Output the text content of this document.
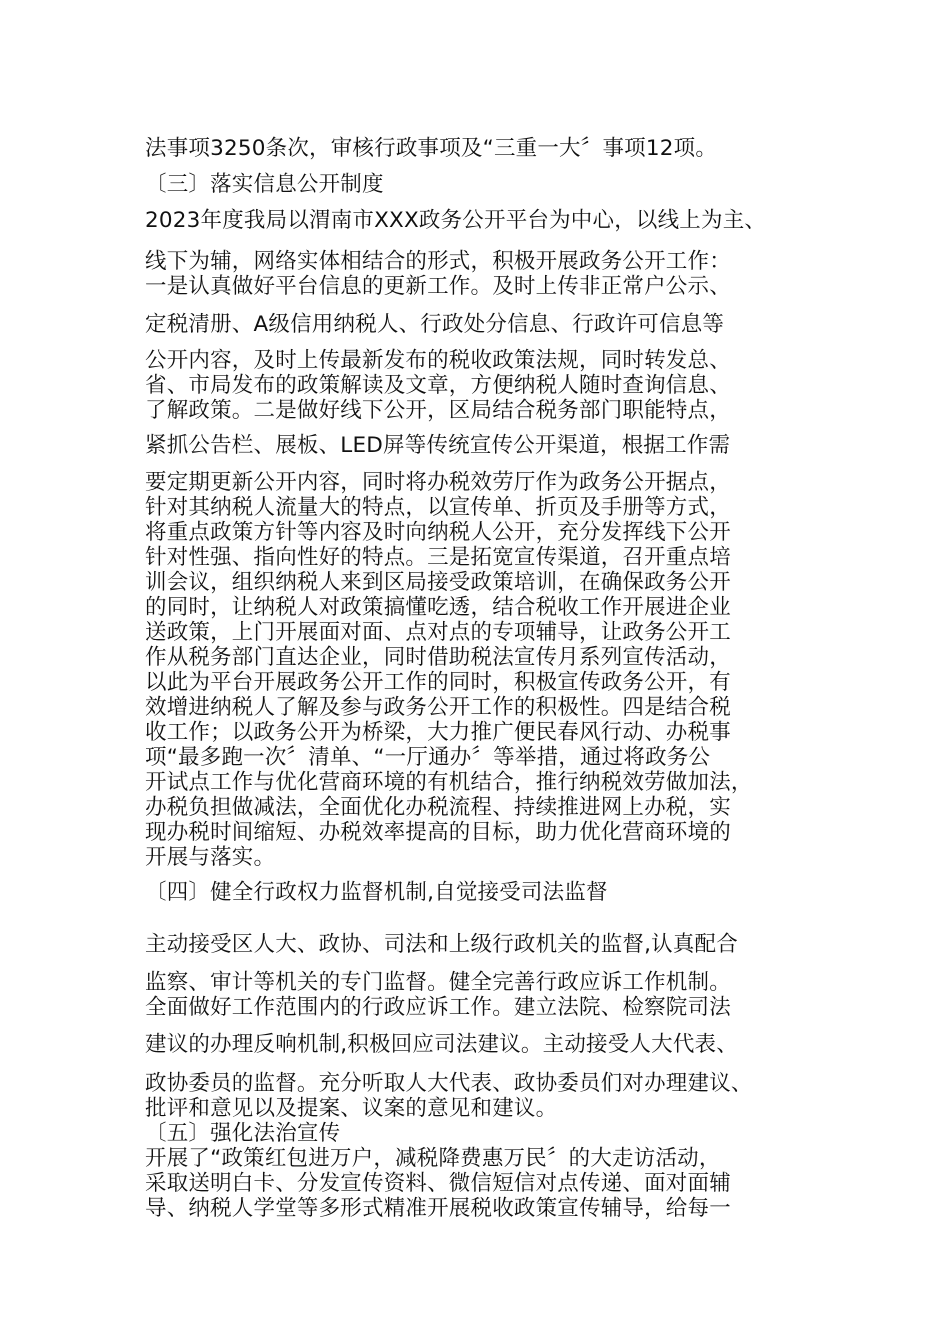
法事项3250条次，审核行政事项及“三重一大〞事项12项。
〔三〕落实信息公开制度
2023年度我局以渭南市XXX政务公开平台为中心，以线上为主、
线下为辅，网络实体相结合的形式，积极开展政务公开工作：
一是认真做好平台信息的更新工作。及时上传非正常户公示、
定税清册、A级信用纳税人、行政处分信息、行政许可信息等
公开内容，及时上传最新发布的税收政策法规，同时转发总、
省、市局发布的政策解读及文章，方便纳税人随时查询信息、
了解政策。二是做好线下公开，区局结合税务部门职能特点，
紧抓公告栏、展板、LED屏等传统宣传公开渠道，根据工作需
要定期更新公开内容，同时将办税效劳厅作为政务公开据点，
针对其纳税人流量大的特点，以宣传单、折页及手册等方式，
将重点政策方针等内容及时向纳税人公开，充分发挥线下公开
针对性强、指向性好的特点。三是拓宽宣传渠道，召开重点培
训会议，组织纳税人来到区局接受政策培训，在确保政务公开
的同时，让纳税人对政策搞懂吃透，结合税收工作开展进企业
送政策，上门开展面对面、点对点的专项辅导，让政务公开工
作从税务部门直达企业，同时借助税法宣传月系列宣传活动，
以此为平台开展政务公开工作的同时，积极宣传政务公开，有
效增进纳税人了解及参与政务公开工作的积极性。四是结合税
收工作；以政务公开为桥梁，大力推广便民春风行动、办税事
项“最多跑一次〞清单、“一厅通办〞等举措，通过将政务公
开试点工作与优化营商环境的有机结合，推行纳税效劳做加法，
办税负担做减法，全面优化办税流程、持续推进网上办税，实
现办税时间缩短、办税效率提高的目标，助力优化营商环境的
开展与落实。
〔四〕健全行政权力监督机制,自觉接受司法监督
主动接受区人大、政协、司法和上级行政机关的监督,认真配合
监察、审计等机关的专门监督。健全完善行政应诉工作机制。
全面做好工作范围内的行政应诉工作。建立法院、检察院司法
建议的办理反响机制,积极回应司法建议。主动接受人大代表、
政协委员的监督。充分听取人大代表、政协委员们对办理建议、
批评和意见以及提案、议案的意见和建议。
〔五〕强化法治宣传
开展了“政策红包进万户，减税降费惠万民〞的大走访活动，
采取送明白卡、分发宣传资料、微信短信对点传递、面对面辅
导、纳税人学堂等多形式精准开展税收政策宣传辅导，给每一
